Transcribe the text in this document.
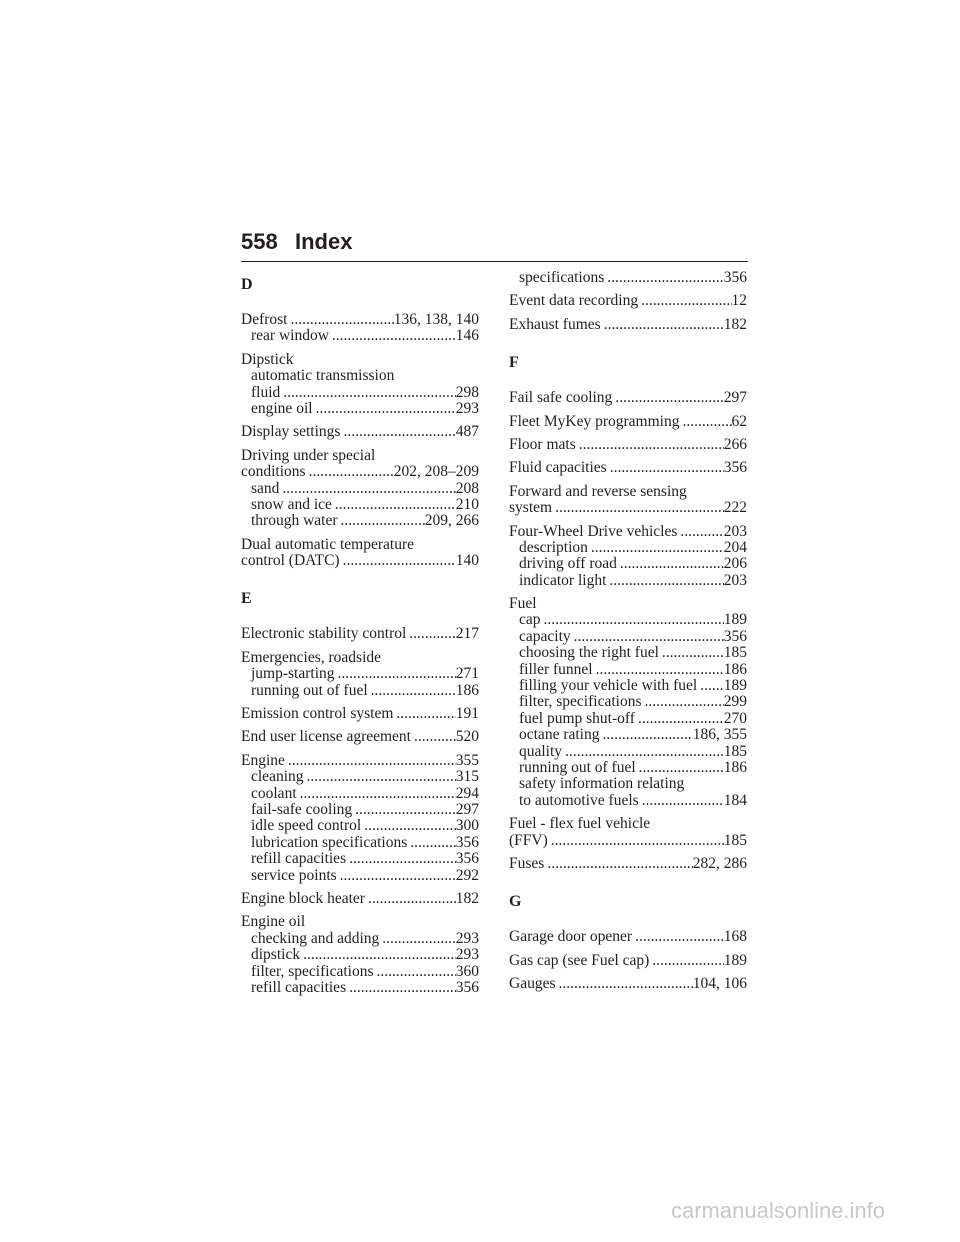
558 Index
D
Defrost .....	136, 138, 140
rear window .....	146
Dipstick
automatic transmission
fluid .....	298
engine oil .....	293
Display settings .....	487
Driving under special
conditions .....	202, 208–209
sand .....	208
snow and ice .....	210
through water .....	209, 266
Dual automatic temperature
control (DATC) .....	140
E
Electronic stability control .....	217
Emergencies, roadside
jump-starting .....	271
running out of fuel .....	186
Emission control system .....	191
End user license agreement .....	520
Engine .....	355
cleaning .....	315
coolant .....	294
fail-safe cooling .....	297
idle speed control .....	300
lubrication specifications .....	356
refill capacities .....	356
service points .....	292
Engine block heater .....	182
Engine oil
checking and adding .....	293
dipstick .....	293
filter, specifications .....	360
refill capacities .....	356
specifications .....	356
Event data recording .....	12
Exhaust fumes .....	182
F
Fail safe cooling .....	297
Fleet MyKey programming .....	62
Floor mats .....	266
Fluid capacities .....	356
Forward and reverse sensing
system .....	222
Four-Wheel Drive vehicles .....	203
description .....	204
driving off road .....	206
indicator light .....	203
Fuel
cap .....	189
capacity .....	356
choosing the right fuel .....	185
filler funnel .....	186
filling your vehicle with fuel ..... 189
filter, specifications .....	299
fuel pump shut-off .....	270
octane rating .....	186, 355
quality .....	185
running out of fuel .....	186
safety information relating
to automotive fuels .....	184
Fuel - flex fuel vehicle
(FFV) .....	185
Fuses .....	282, 286
G
Garage door opener .....	168
Gas cap (see Fuel cap) .....	189
Gauges .....	104, 106
carmanualsonline.info
